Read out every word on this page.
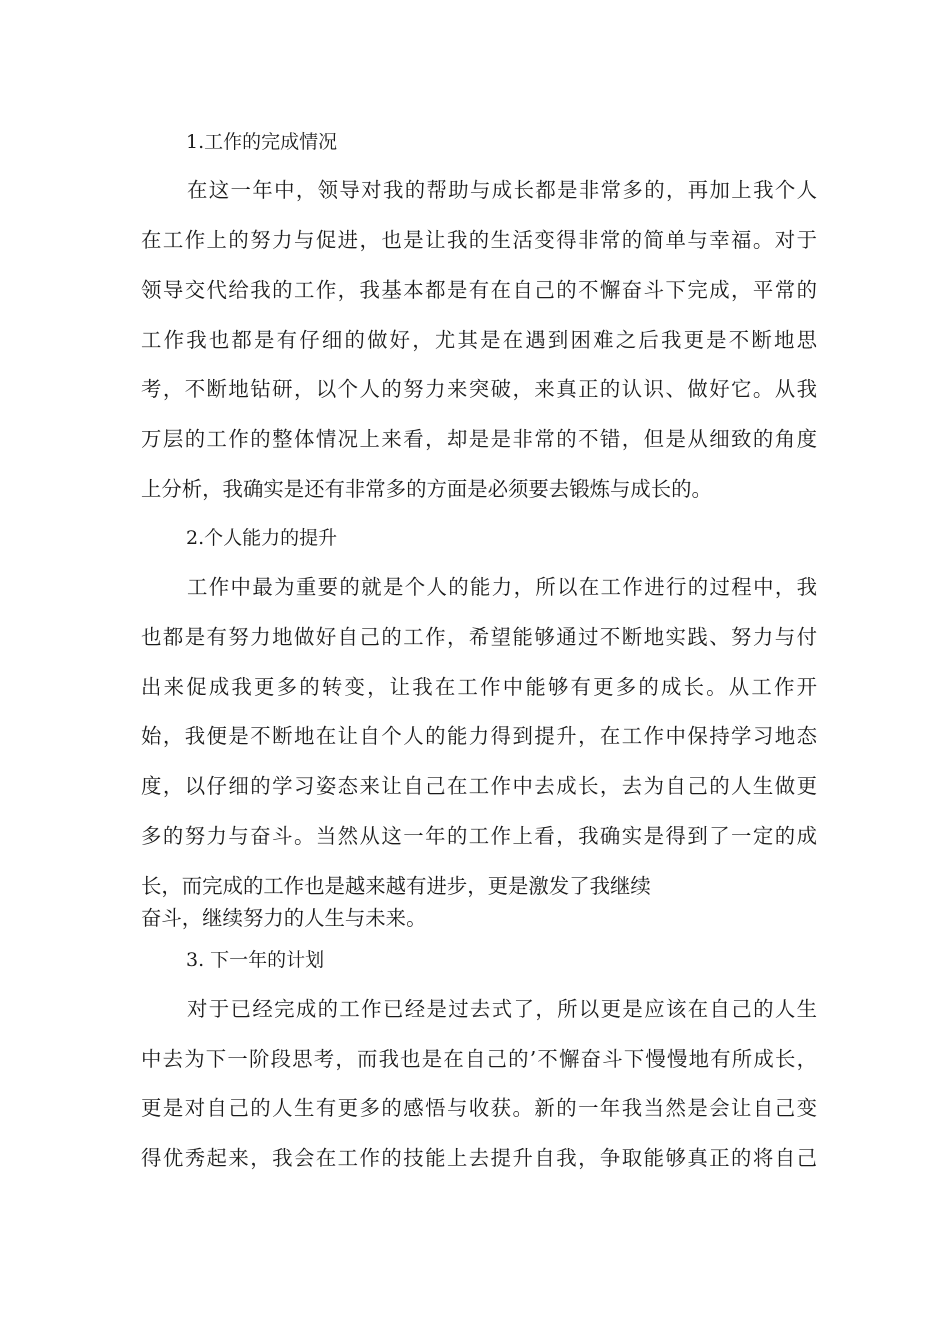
1.工作的完成情况
在这一年中，领导对我的帮助与成长都是非常多的，再加上我个人
在工作上的努力与促进，也是让我的生活变得非常的简单与幸福。对于
领导交代给我的工作，我基本都是有在自己的不懈奋斗下完成，平常的
工作我也都是有仔细的做好，尤其是在遇到困难之后我更是不断地思
考，不断地钻研，以个人的努力来突破，来真正的认识、做好它。从我
万层的工作的整体情况上来看，却是是非常的不错，但是从细致的角度
上分析，我确实是还有非常多的方面是必须要去锻炼与成长的。
2.个人能力的提升
工作中最为重要的就是个人的能力，所以在工作进行的过程中，我
也都是有努力地做好自己的工作，希望能够通过不断地实践、努力与付
出来促成我更多的转变，让我在工作中能够有更多的成长。从工作开
始，我便是不断地在让自个人的能力得到提升，在工作中保持学习地态
度，以仔细的学习姿态来让自己在工作中去成长，去为自己的人生做更
多的努力与奋斗。当然从这一年的工作上看，我确实是得到了一定的成
长，而完成的工作也是越来越有进步，更是激发了我继续
奋斗，继续努力的人生与未来。
3. 下一年的计划
对于已经完成的工作已经是过去式了，所以更是应该在自己的人生
中去为下一阶段思考，而我也是在自己的’不懈奋斗下慢慢地有所成长，
更是对自己的人生有更多的感悟与收获。新的一年我当然是会让自己变
得优秀起来，我会在工作的技能上去提升自我，争取能够真正的将自己
